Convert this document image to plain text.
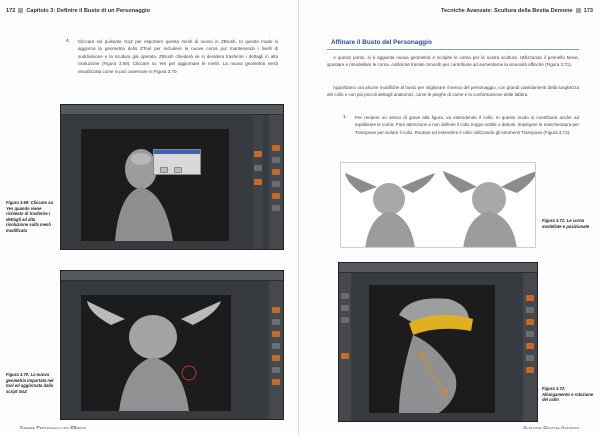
172 Capitolo 3: Definire il Busto di un Personaggio
4. Cliccare sul pulsante GoZ per esportare questa mesh di nuovo in ZBrush. In questo modo si aggiorna la geometria dello ZTool per includere le nuove corna pur mantenendo i livelli di suddivisione e la scultura già operata. ZBrush chiederà se si desidera trasferire i dettagli in alta risoluzione (Figura 3.69). Cliccare su Yes per aggiornare le mesh. La nuova geometria verrà visualizzata come si può osservare in Figura 3.70.
Figura 3.69: Cliccare su Yes quando viene richiesto di trasferire i dettagli ad alta risoluzione sulla mesh modificata
Figura 3.70: La nuova geometria importata nel tool ed aggiornata dallo script GoZ
Creare Personaggi con ZBrush
Tecniche Avanzate: Scultura della Bestia Demone 173
Scultura Digitale Avanzata
Affinare il Busto del Personaggio
A questo punto, si è aggiunta nuova geometria e scolpite le corna per la nostra scultura. Utilizzando il pennello Move, spostare e rimodellare le corna. Addolcire tramite Smooth per contribuire ad aumentarne la sinuosità affinchè (Figura 3.71).
Apportiamo ora alcune modifiche al busto per migliorare il senso del personaggio, con grandi cambiamenti della lunghezza del collo e con più piccoli dettagli anatomici, come le pieghe di carne e la conformazione delle labbra.
1. Per rendere un senso di grave alla figura, va estendendo il collo. In questo modo si contribuirà anche ad equilibrare le corna. Fare attenzione a non definire il collo troppo sottile o debole. Impiegare le mascheratura per Transpose per isolare il collo. Ruotare ed estendere il collo utilizzando gli strumenti Transpose (Figura 3.72).
Figura 3.71: Le corna modellate e posizionate
Figura 3.72: Allungamento e rotazione del collo
